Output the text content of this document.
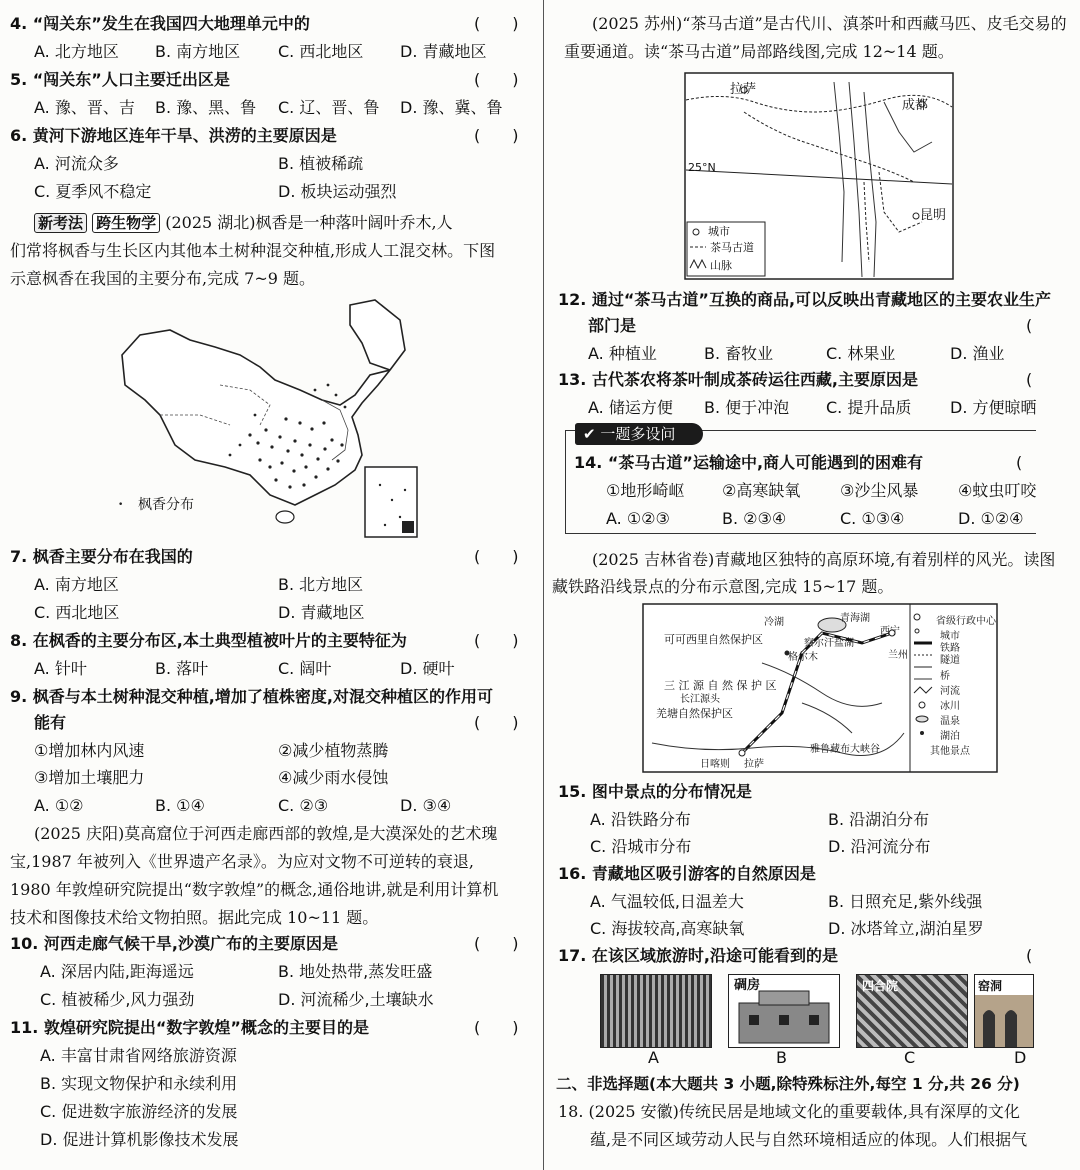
4. “闯关东”发生在我国四大地理单元中的	(　　)
A. 北方地区 B. 南方地区 C. 西北地区 D. 青藏地区
5. “闯关东”人口主要迁出区是	(　　)
A. 豫、晋、吉 B. 豫、黑、鲁 C. 辽、晋、鲁 D. 豫、冀、鲁
6. 黄河下游地区连年干旱、洪涝的主要原因是	(　　)
A. 河流众多	B. 植被稀疏
C. 夏季风不稳定	D. 板块运动强烈
新考法 跨生物学 (2025 湖北)枫香是一种落叶阔叶乔木,人
们常将枫香与生长区内其他本土树种混交种植,形成人工混交林。下图
示意枫香在我国的主要分布,完成 7~9 题。
• 枫香分布
7. 枫香主要分布在我国的	(　　)
A. 南方地区	B. 北方地区
C. 西北地区	D. 青藏地区
8. 在枫香的主要分布区,本土典型植被叶片的主要特征为	(　　)
A. 针叶	B. 落叶	C. 阔叶	D. 硬叶
9. 枫香与本土树种混交种植,增加了植株密度,对混交种植区的作用可
能有	(　　)
①增加林内风速	②减少植物蒸腾
③增加土壤肥力	④减少雨水侵蚀
A. ①②	B. ①④	C. ②③	D. ③④
(2025 庆阳)莫高窟位于河西走廊西部的敦煌,是大漠深处的艺术瑰
宝,1987 年被列入《世界遗产名录》。为应对文物不可逆转的衰退,
1980 年敦煌研究院提出“数字敦煌”的概念,通俗地讲,就是利用计算机
技术和图像技术给文物拍照。据此完成 10~11 题。
10. 河西走廊气候干旱,沙漠广布的主要原因是	(　　)
A. 深居内陆,距海遥远	B. 地处热带,蒸发旺盛
C. 植被稀少,风力强劲	D. 河流稀少,土壤缺水
11. 敦煌研究院提出“数字敦煌”概念的主要目的是	(　　)
A. 丰富甘肃省网络旅游资源
B. 实现文物保护和永续利用
C. 促进数字旅游经济的发展
D. 促进计算机影像技术发展
(2025 苏州)“茶马古道”是古代川、滇茶叶和西藏马匹、皮毛交易的
重要通道。读“茶马古道”局部路线图,完成 12~14 题。
拉萨
成都
昆明
25°N
城市
茶马古道
山脉
12. 通过“茶马古道”互换的商品,可以反映出青藏地区的主要农业生产
部门是	(
A. 种植业	B. 畜牧业	C. 林果业	D. 渔业
13. 古代茶农将茶叶制成茶砖运往西藏,主要原因是	(
A. 储运方便 B. 便于冲泡 C. 提升品质 D. 方便晾晒
✔ 一题多设问
14. “茶马古道”运输途中,商人可能遇到的困难有	(
①地形崎岖 ②高寒缺氧 ③沙尘风暴 ④蚊虫叮咬
A. ①②③	B. ②③④	C. ①③④	D. ①②④
(2025 吉林省卷)青藏地区独特的高原环境,有着别样的风光。读图
藏铁路沿线景点的分布示意图,完成 15~17 题。
可可西里自然保护区
三 江 源 自 然 保 护 区
长江源头
羌塘自然保护区
冷湖	青海湖
西宁
兰州
格尔木
察尔汗盐湖
日喀则 拉萨
雅鲁藏布大峡谷
省级行政中心
城市
铁路
隧道
桥
河流
冰川
温泉
湖泊
其他景点
15. 图中景点的分布情况是
A. 沿铁路分布	B. 沿湖泊分布
C. 沿城市分布	D. 沿河流分布
16. 青藏地区吸引游客的自然原因是
A. 气温较低,日温差大	B. 日照充足,紫外线强
C. 海拔较高,高寒缺氧	D. 冰塔耸立,湖泊星罗
17. 在该区域旅游时,沿途可能看到的是	(
碉房	四合院	窑洞
A	B	C	D
二、非选择题(本大题共 3 小题,除特殊标注外,每空 1 分,共 26 分)
18. (2025 安徽)传统民居是地域文化的重要载体,具有深厚的文化
蕴,是不同区域劳动人民与自然环境相适应的体现。人们根据气
